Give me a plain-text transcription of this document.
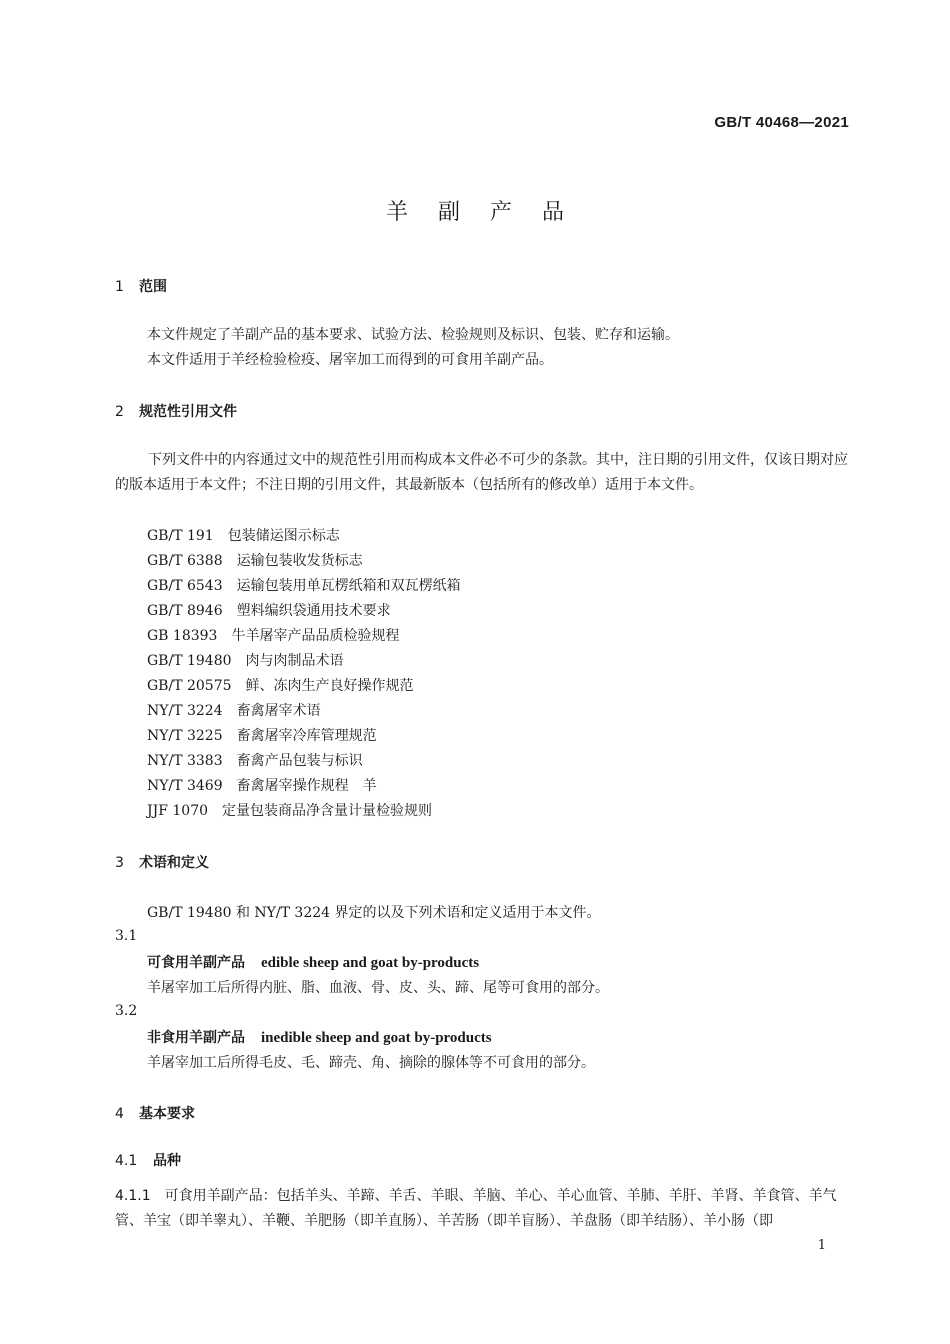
GB/T 40468—2021
羊副产品
1 范围
本文件规定了羊副产品的基本要求、试验方法、检验规则及标识、包装、贮存和运输。
本文件适用于羊经检验检疫、屠宰加工而得到的可食用羊副产品。
2 规范性引用文件
下列文件中的内容通过文中的规范性引用而构成本文件必不可少的条款。其中，注日期的引用文件，仅该日期对应的版本适用于本文件；不注日期的引用文件，其最新版本（包括所有的修改单）适用于本文件。
GB/T 191 包装储运图示标志
GB/T 6388 运输包装收发货标志
GB/T 6543 运输包装用单瓦楞纸箱和双瓦楞纸箱
GB/T 8946 塑料编织袋通用技术要求
GB 18393 牛羊屠宰产品品质检验规程
GB/T 19480 肉与肉制品术语
GB/T 20575 鲜、冻肉生产良好操作规范
NY/T 3224 畜禽屠宰术语
NY/T 3225 畜禽屠宰冷库管理规范
NY/T 3383 畜禽产品包装与标识
NY/T 3469 畜禽屠宰操作规程　羊
JJF 1070 定量包装商品净含量计量检验规则
3 术语和定义
GB/T 19480 和 NY/T 3224 界定的以及下列术语和定义适用于本文件。
3.1
可食用羊副产品 edible sheep and goat by-products
羊屠宰加工后所得内脏、脂、血液、骨、皮、头、蹄、尾等可食用的部分。
3.2
非食用羊副产品 inedible sheep and goat by-products
羊屠宰加工后所得毛皮、毛、蹄壳、角、摘除的腺体等不可食用的部分。
4 基本要求
4.1 品种
4.1.1 可食用羊副产品：包括羊头、羊蹄、羊舌、羊眼、羊脑、羊心、羊心血管、羊肺、羊肝、羊肾、羊食管、羊气管、羊宝（即羊睾丸）、羊鞭、羊肥肠（即羊直肠）、羊苦肠（即羊盲肠）、羊盘肠（即羊结肠）、羊小肠（即
1
